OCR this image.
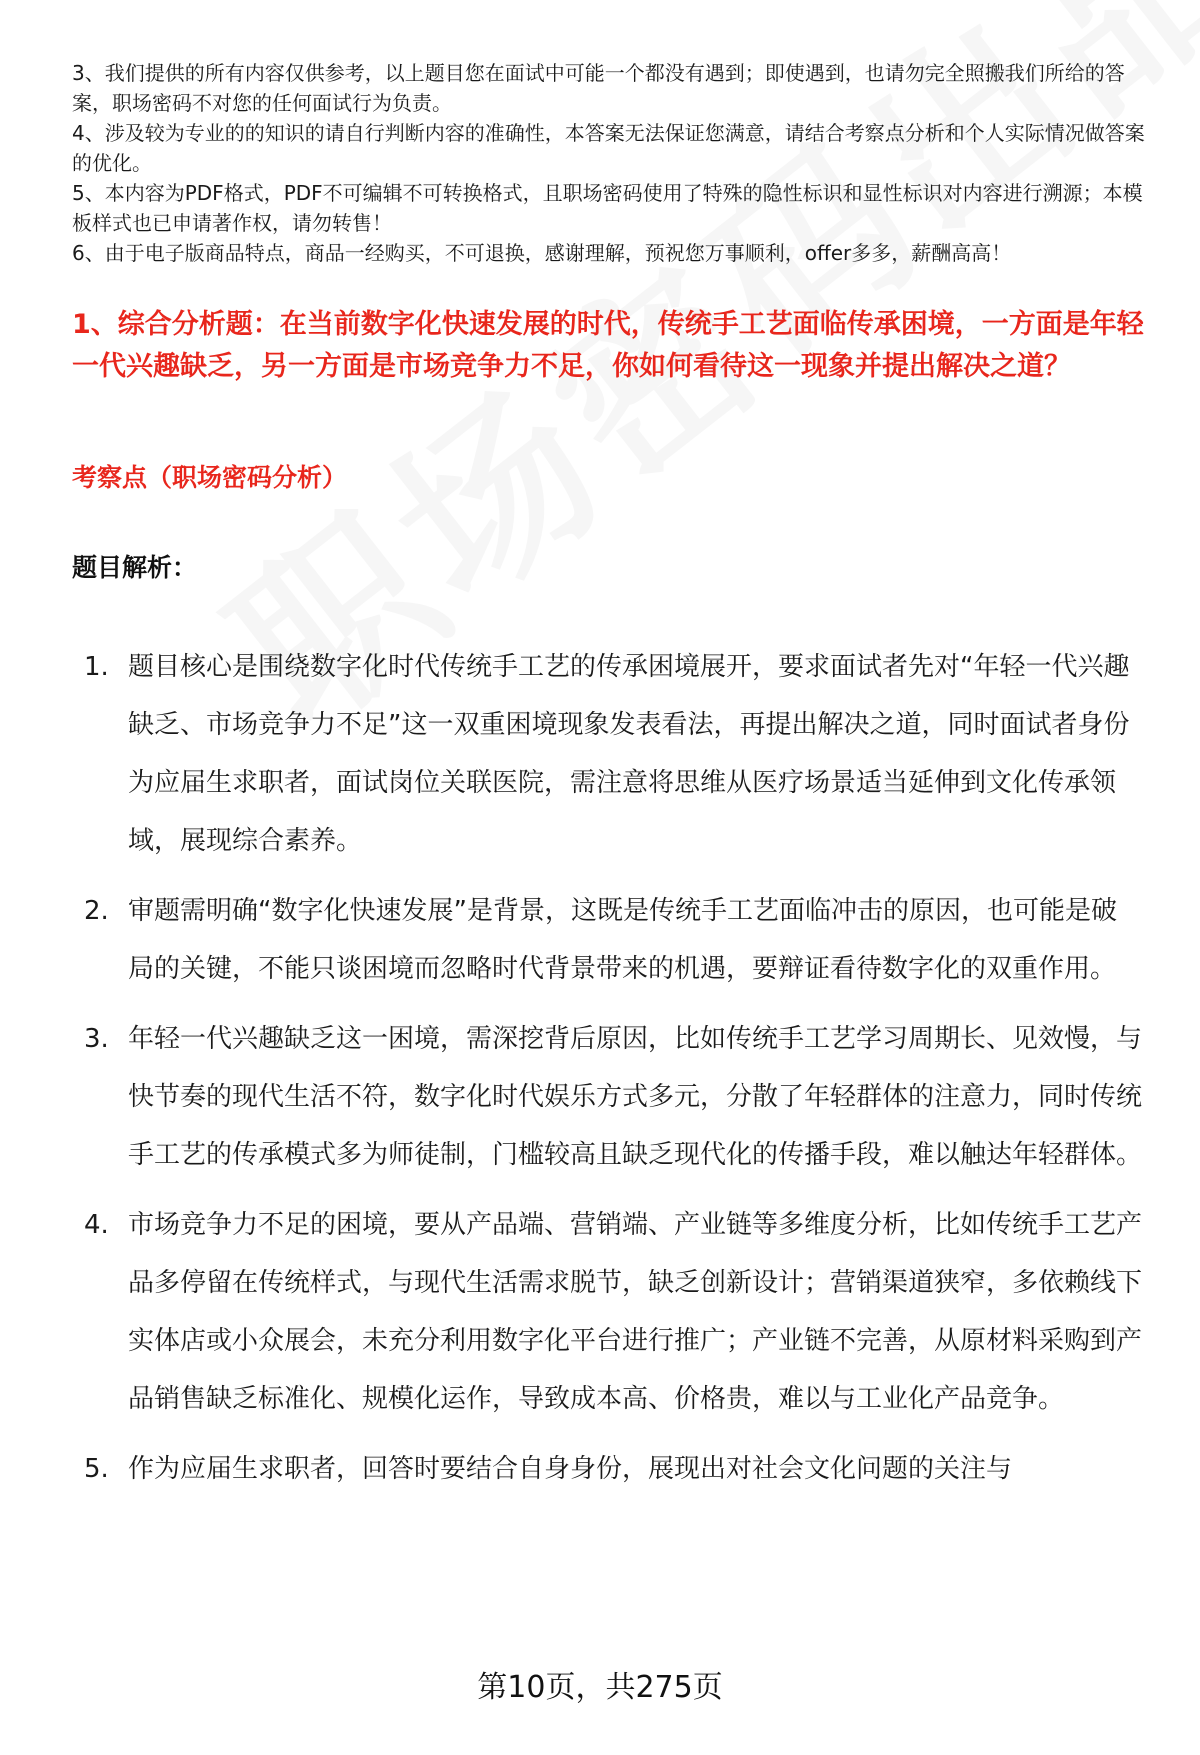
3、我们提供的所有内容仅供参考，以上题目您在面试中可能一个都没有遇到；即使遇到，也请勿完全照搬我们所给的答案，职场密码不对您的任何面试行为负责。

4、涉及较为专业的的知识的请自行判断内容的准确性，本答案无法保证您满意，请结合考察点分析和个人实际情况做答案的优化。

5、本内容为PDF格式，PDF不可编辑不可转换格式，且职场密码使用了特殊的隐性标识和显性标识对内容进行溯源；本模板样式也已申请著作权，请勿转售！

6、由于电子版商品特点，商品一经购买，不可退换，感谢理解，预祝您万事顺利，offer多多，薪酬高高！

1、综合分析题：在当前数字化快速发展的时代，传统手工艺面临传承困境，一方面是年轻一代兴趣缺乏，另一方面是市场竞争力不足，你如何看待这一现象并提出解决之道？
考察点（职场密码分析）
题目解析：
1. 题目核心是围绕数字化时代传统手工艺的传承困境展开，要求面试者先对“年轻一代兴趣缺乏、市场竞争力不足”这一双重困境现象发表看法，再提出解决之道，同时面试者身份为应届生求职者，面试岗位关联医院，需注意将思维从医疗场景适当延伸到文化传承领域，展现综合素养。
2. 审题需明确“数字化快速发展”是背景，这既是传统手工艺面临冲击的原因，也可能是破局的关键，不能只谈困境而忽略时代背景带来的机遇，要辩证看待数字化的双重作用。
3. 年轻一代兴趣缺乏这一困境，需深挖背后原因，比如传统手工艺学习周期长、见效慢，与快节奏的现代生活不符，数字化时代娱乐方式多元，分散了年轻群体的注意力，同时传统手工艺的传承模式多为师徒制，门槛较高且缺乏现代化的传播手段，难以触达年轻群体。
4. 市场竞争力不足的困境，要从产品端、营销端、产业链等多维度分析，比如传统手工艺产品多停留在传统样式，与现代生活需求脱节，缺乏创新设计；营销渠道狭窄，多依赖线下实体店或小众展会，未充分利用数字化平台进行推广；产业链不完善，从原材料采购到产品销售缺乏标准化、规模化运作，导致成本高、价格贵，难以与工业化产品竞争。
5. 作为应届生求职者，回答时要结合自身身份，展现出对社会文化问题的关注与
第10页，共275页
